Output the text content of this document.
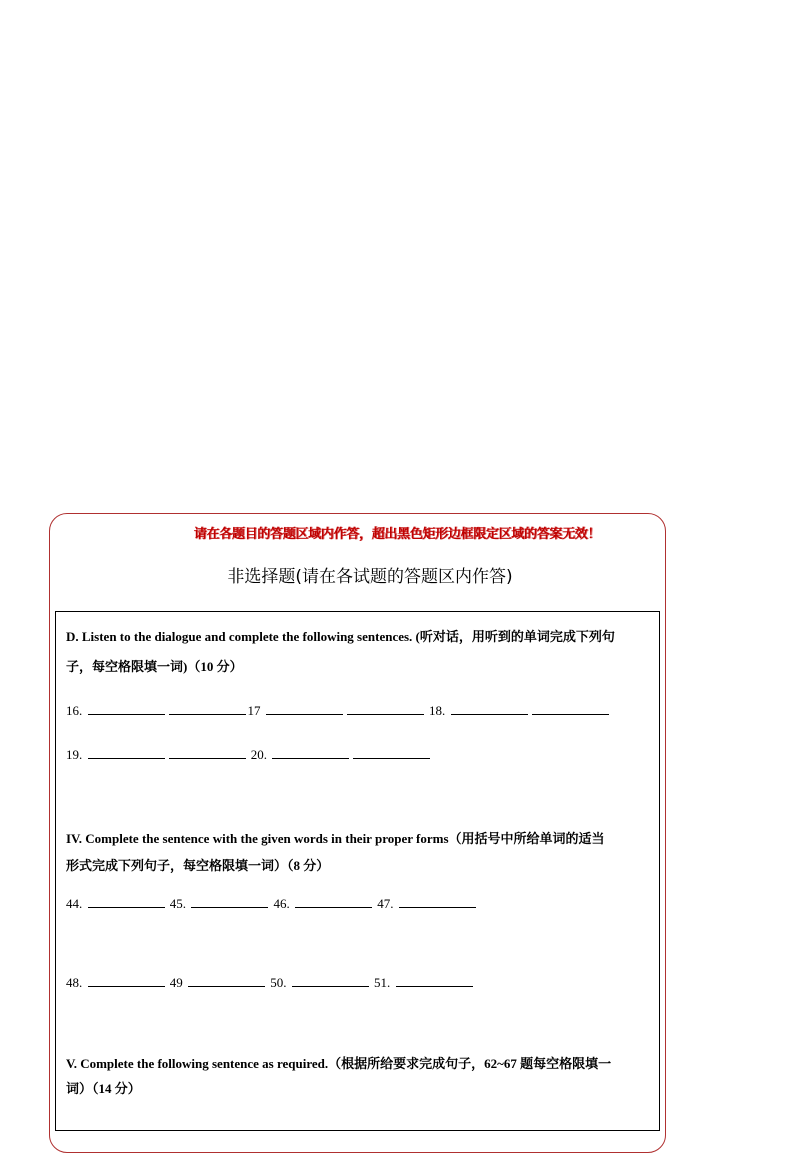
请在各题目的答题区域内作答，超出黑色矩形边框限定区域的答案无效！
非选择题(请在各试题的答题区内作答)
D. Listen to the dialogue and complete the following sentences. (听对话，用听到的单词完成下列句
子，每空格限填一词)（10 分）
16.	17	18.
19.	20.
IV. Complete the sentence with the given words in their proper forms（用括号中所给单词的适当
形式完成下列句子，每空格限填一词）（8 分）
44.	45.	46.	47.
48.	49	50.	51.
V. Complete the following sentence as required.（根据所给要求完成句子，62~67 题每空格限填一
词）（14 分）
